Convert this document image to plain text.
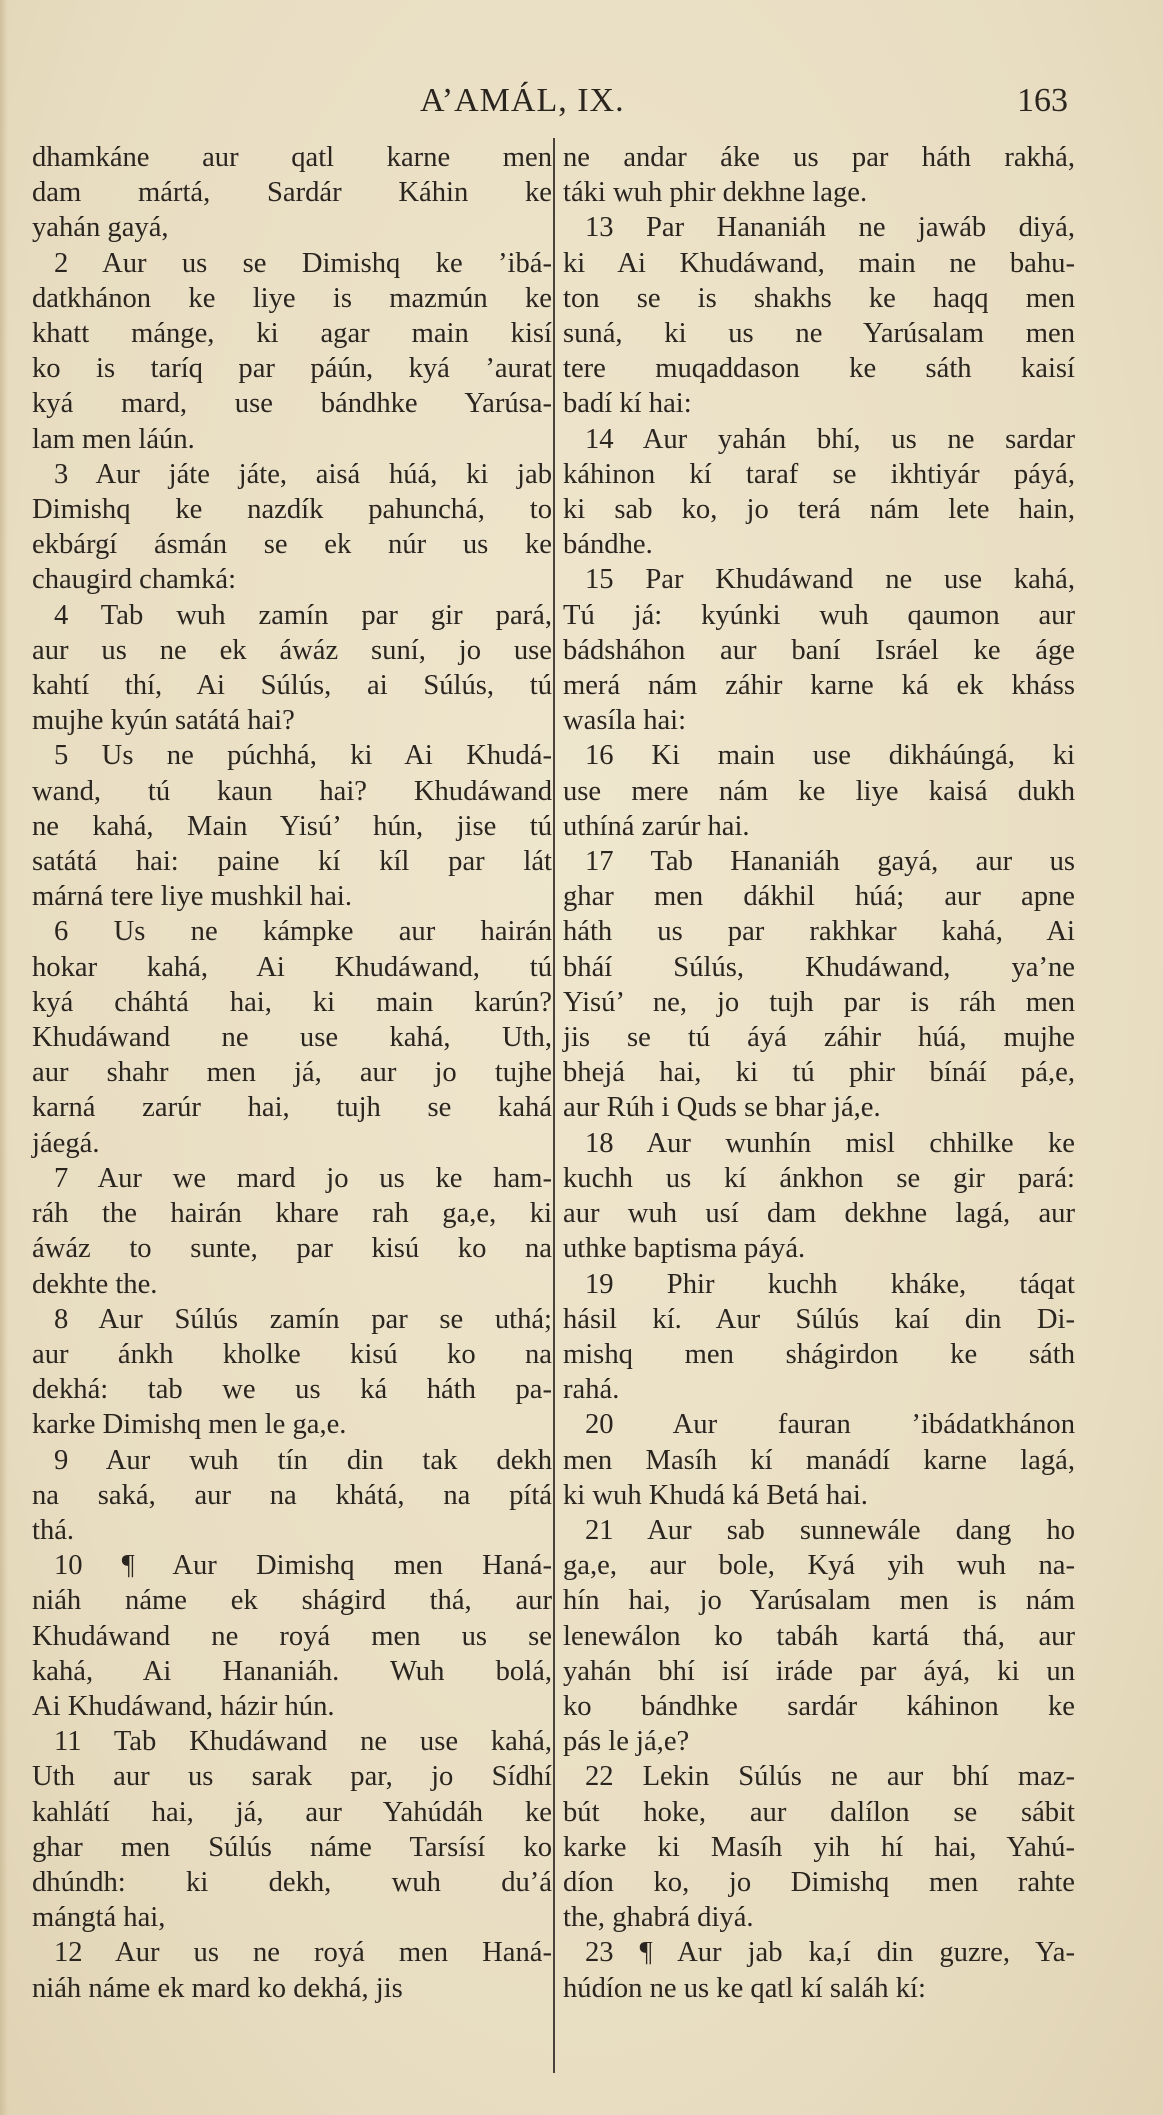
A’AMÁL, IX.	163
dhamkáne aur qatl karne men
dam mártá, Sardár Káhin ke
yahán gayá,
2 Aur us se Dimishq ke ’ibá-
datkhánon ke liye is mazmún ke
khatt mánge, ki agar main kisí
ko is taríq par páún, kyá ’aurat
kyá mard, use bándhke Yarúsa-
lam men láún.
3 Aur játe játe, aisá húá, ki jab
Dimishq ke nazdík pahunchá, to
ekbárgí ásmán se ek núr us ke
chaugird chamká:
4 Tab wuh zamín par gir pará,
aur us ne ek áwáz suní, jo use
kahtí thí, Ai Súlús, ai Súlús, tú
mujhe kyún satátá hai?
5 Us ne púchhá, ki Ai Khudá-
wand, tú kaun hai? Khudáwand
ne kahá, Main Yisú’ hún, jise tú
satátá hai: paine kí kíl par lát
márná tere liye mushkil hai.
6 Us ne kámpke aur hairán
hokar kahá, Ai Khudáwand, tú
kyá cháhtá hai, ki main karún?
Khudáwand ne use kahá, Uth,
aur shahr men já, aur jo tujhe
karná zarúr hai, tujh se kahá
jáegá.
7 Aur we mard jo us ke ham-
ráh the hairán khare rah ga,e, ki
áwáz to sunte, par kisú ko na
dekhte the.
8 Aur Súlús zamín par se uthá;
aur ánkh kholke kisú ko na
dekhá: tab we us ká háth pa-
karke Dimishq men le ga,e.
9 Aur wuh tín din tak dekh
na saká, aur na khátá, na pítá
thá.
10 ¶ Aur Dimishq men Haná-
niáh náme ek shágird thá, aur
Khudáwand ne royá men us se
kahá, Ai Hananiáh. Wuh bolá,
Ai Khudáwand, házir hún.
11 Tab Khudáwand ne use kahá,
Uth aur us sarak par, jo Sídhí
kahlátí hai, já, aur Yahúdáh ke
ghar men Súlús náme Tarsísí ko
dhúndh: ki dekh, wuh du’á
mángtá hai,
12 Aur us ne royá men Haná-
niáh náme ek mard ko dekhá, jis
ne andar áke us par háth rakhá,
táki wuh phir dekhne lage.
13 Par Hananiáh ne jawáb diyá,
ki Ai Khudáwand, main ne bahu-
ton se is shakhs ke haqq men
suná, ki us ne Yarúsalam men
tere muqaddason ke sáth kaisí
badí kí hai:
14 Aur yahán bhí, us ne sardar
káhinon kí taraf se ikhtiyár páyá,
ki sab ko, jo terá nám lete hain,
bándhe.
15 Par Khudáwand ne use kahá,
Tú já: kyúnki wuh qaumon aur
bádsháhon aur baní Isráel ke áge
merá nám záhir karne ká ek kháss
wasíla hai:
16 Ki main use dikháúngá, ki
use mere nám ke liye kaisá dukh
uthíná zarúr hai.
17 Tab Hananiáh gayá, aur us
ghar men dákhil húá; aur apne
háth us par rakhkar kahá, Ai
bháí Súlús, Khudáwand, ya’ne
Yisú’ ne, jo tujh par is ráh men
jis se tú áyá záhir húá, mujhe
bhejá hai, ki tú phir bínáí pá,e,
aur Rúh i Quds se bhar já,e.
18 Aur wunhín misl chhilke ke
kuchh us kí ánkhon se gir pará:
aur wuh usí dam dekhne lagá, aur
uthke baptisma páyá.
19 Phir kuchh kháke, táqat
hásil kí. Aur Súlús kaí din Di-
mishq men shágirdon ke sáth
rahá.
20 Aur fauran ’ibádatkhánon
men Masíh kí manádí karne lagá,
ki wuh Khudá ká Betá hai.
21 Aur sab sunnewále dang ho
ga,e, aur bole, Kyá yih wuh na-
hín hai, jo Yarúsalam men is nám
lenewálon ko tabáh kartá thá, aur
yahán bhí isí iráde par áyá, ki un
ko bándhke sardár káhinon ke
pás le já,e?
22 Lekin Súlús ne aur bhí maz-
bút hoke, aur dalílon se sábit
karke ki Masíh yih hí hai, Yahú-
díon ko, jo Dimishq men rahte
the, ghabrá diyá.
23 ¶ Aur jab ka,í din guzre, Ya-
húdíon ne us ke qatl kí saláh kí:
